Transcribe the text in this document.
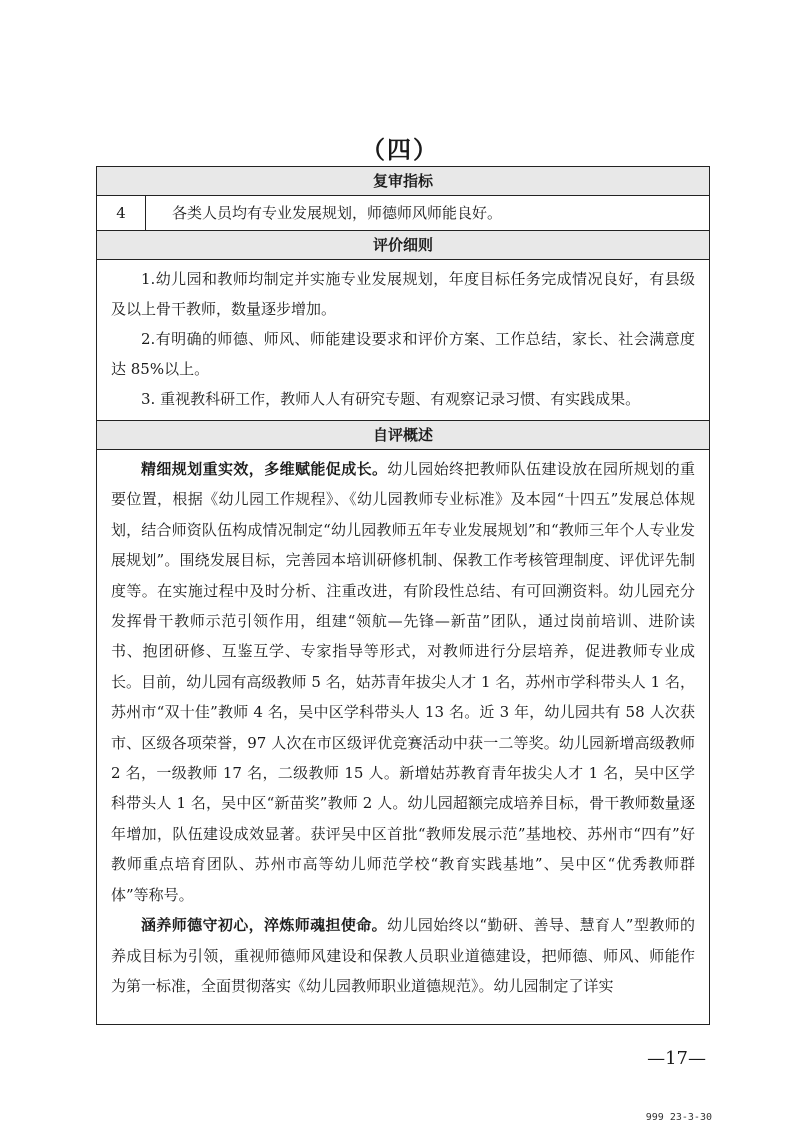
（四）
复审指标
4	各类人员均有专业发展规划，师德师风师能良好。
评价细则

1.幼儿园和教师均制定并实施专业发展规划，年度目标任务完成情况良好，有县级及以上骨干教师，数量逐步增加。

2.有明确的师德、师风、师能建设要求和评价方案、工作总结，家长、社会满意度达 85%以上。

3. 重视教科研工作，教师人人有研究专题、有观察记录习惯、有实践成果。

自评概述

精细规划重实效，多维赋能促成长。幼儿园始终把教师队伍建设放在园所规划的重要位置，根据《幼儿园工作规程》、《幼儿园教师专业标准》及本园“十四五”发展总体规划，结合师资队伍构成情况制定“幼儿园教师五年专业发展规划”和“教师三年个人专业发展规划”。围绕发展目标，完善园本培训研修机制、保教工作考核管理制度、评优评先制度等。在实施过程中及时分析、注重改进，有阶段性总结、有可回溯资料。幼儿园充分发挥骨干教师示范引领作用，组建“领航—先锋—新苗”团队，通过岗前培训、进阶读书、抱团研修、互鉴互学、专家指导等形式，对教师进行分层培养，促进教师专业成长。目前，幼儿园有高级教师 5 名，姑苏青年拔尖人才 1 名，苏州市学科带头人 1 名，苏州市“双十佳”教师 4 名，吴中区学科带头人 13 名。近 3 年，幼儿园共有 58 人次获市、区级各项荣誉，97 人次在市区级评优竞赛活动中获一二等奖。幼儿园新增高级教师 2 名，一级教师 17 名，二级教师 15 人。新增姑苏教育青年拔尖人才 1 名，吴中区学科带头人 1 名，吴中区“新苗奖”教师 2 人。幼儿园超额完成培养目标，骨干教师数量逐年增加，队伍建设成效显著。获评吴中区首批“教师发展示范”基地校、苏州市“四有”好教师重点培育团队、苏州市高等幼儿师范学校“教育实践基地”、吴中区“优秀教师群体”等称号。

涵养师德守初心，淬炼师魂担使命。幼儿园始终以“勤研、善导、慧育人”型教师的养成目标为引领，重视师德师风建设和保教人员职业道德建设，把师德、师风、师能作为第一标准，全面贯彻落实《幼儿园教师职业道德规范》。幼儿园制定了详实

—17—
999 23-3-30
